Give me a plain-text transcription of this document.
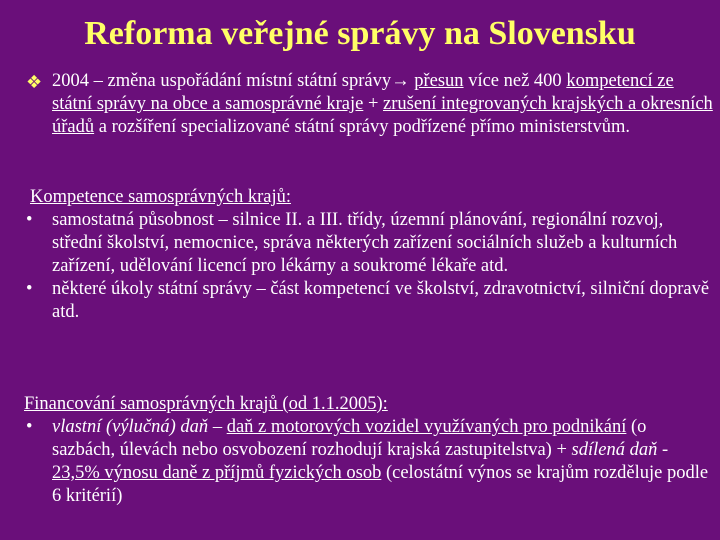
Reforma veřejné správy na Slovensku
❖ 2004 – změna uspořádání místní státní správy→ přesun více než 400 kompetencí ze státní správy na obce a samosprávné kraje + zrušení integrovaných krajských a okresních úřadů a rozšíření specializované státní správy podřízené přímo ministerstvům.
Kompetence samosprávných krajů:
• samostatná působnost – silnice II. a III. třídy, územní plánování, regionální rozvoj, střední školství, nemocnice, správa některých zařízení sociálních služeb a kulturních zařízení, udělování licencí pro lékárny a soukromé lékaře atd.
• některé úkoly státní správy – část kompetencí ve školství, zdravotnictví, silniční dopravě atd.
Financování samosprávných krajů (od 1.1.2005):
• vlastní (výlučná) daň – daň z motorových vozidel využívaných pro podnikání (o sazbách, úlevách nebo osvobození rozhodují krajská zastupitelstva) + sdílená daň - 23,5% výnosu daně z příjmů fyzických osob (celostátní výnos se krajům rozděluje podle 6 kritérií)
